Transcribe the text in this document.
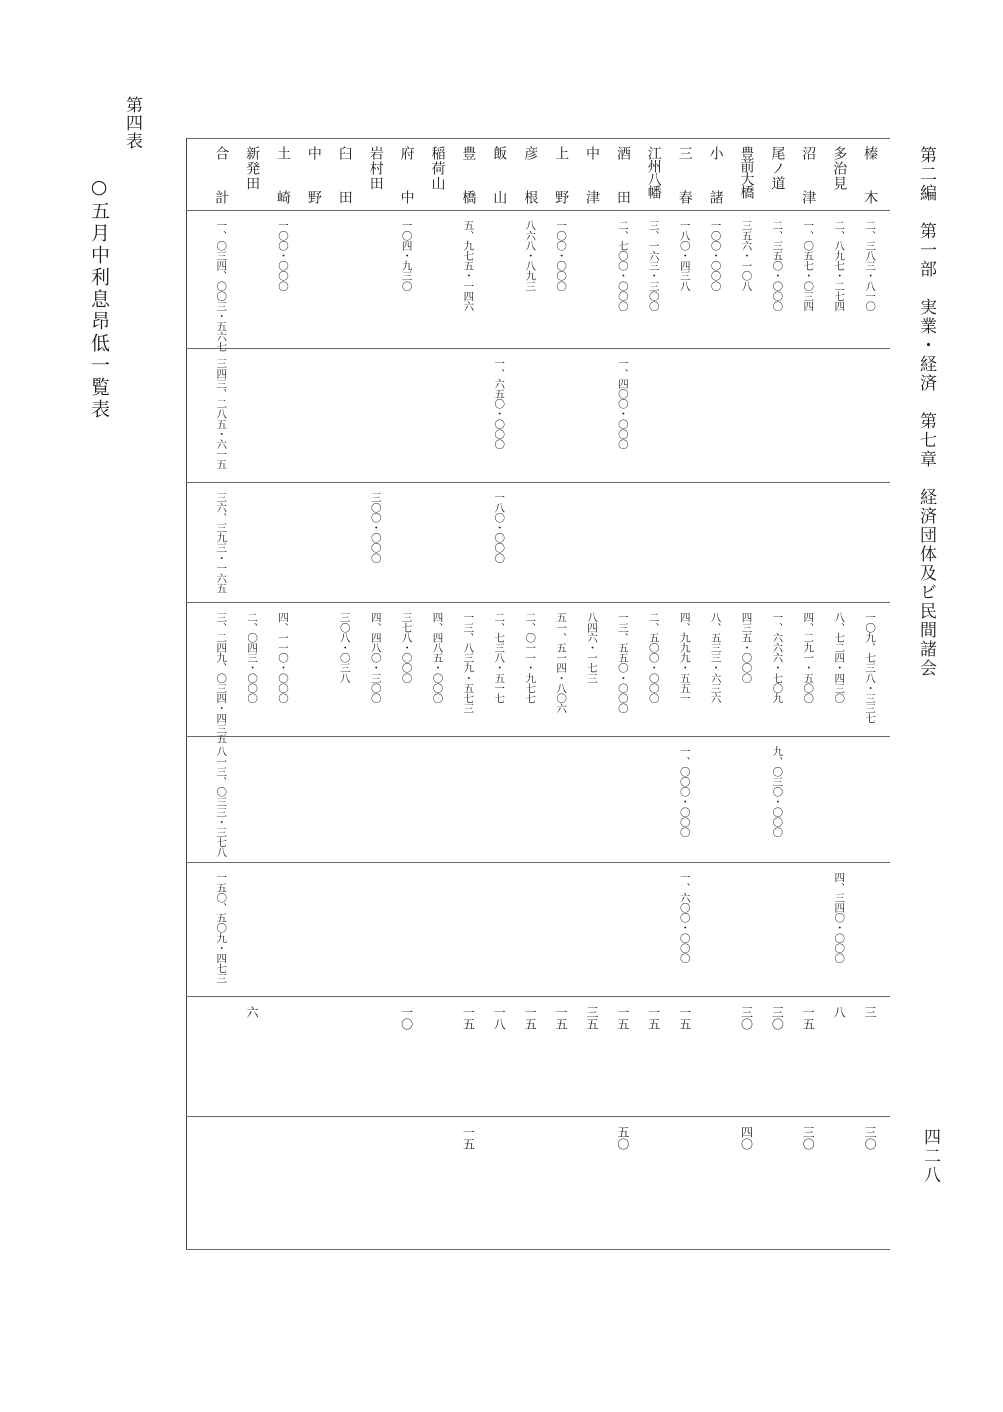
第二編　第一部　実業・経済　第七章　経済団体及ビ民間諸会
四二八
第四表
○五月中利息昂低一覧表	榛木
二、三八三・八一〇
一〇九、七三八・三三七
三
三〇
多治見
二、八九七・二七四
八、七二四・四三〇
四、三四〇・〇〇〇
八
沼津
一、〇五七・〇三四
四、二九一・五〇〇
一五
三〇
尾ノ道
二、三五〇・〇〇〇
一、六六六・七〇九
九、〇三〇・〇〇〇
三〇
豊前大橋
三五六・一〇八
四三五・〇〇〇
三〇
四〇
小諸
一〇〇・〇〇〇
八、五三三・六三六
三春
一八〇・四三八
四、九九九・五五一
一、〇〇〇・〇〇〇
一、六〇〇・〇〇〇
一五
江州八幡
三、一六三・三〇〇
二、五〇〇・〇〇〇
一五
酒田
二、七〇〇・〇〇〇
一、四〇〇・〇〇〇
一三、五五〇・〇〇〇
一五
五〇
中津
八四六・一七三
三五
上野
一〇〇・〇〇〇
五一、五一四・八〇六
一五
彦根
八六八・八九三
二、〇一一・九七七
一五
飯山
一、六五〇・〇〇〇
一八〇・〇〇〇
二、七三八・五一七
一八
豊橋
五、九七五・一四六
一三、八三九・五七三
一五
一五
稲荷山
四、四八五・〇〇〇
府中
一〇四・九三〇
三七八・〇〇〇
一〇
岩村田
三〇〇・〇〇〇
四、四八〇・三〇〇
臼田
三〇八・〇三八
中野
土崎
一〇〇・〇〇〇
四、一一〇・〇〇〇
新発田
二、〇四三・〇〇〇
六
合計
一、〇三四、〇〇三・五六七
三四三、二八五・六一五
三六、三九三・一六五
三、二四九、〇三四・四三五
八一三、〇三三・三七八
一五〇、五〇九・四七三
